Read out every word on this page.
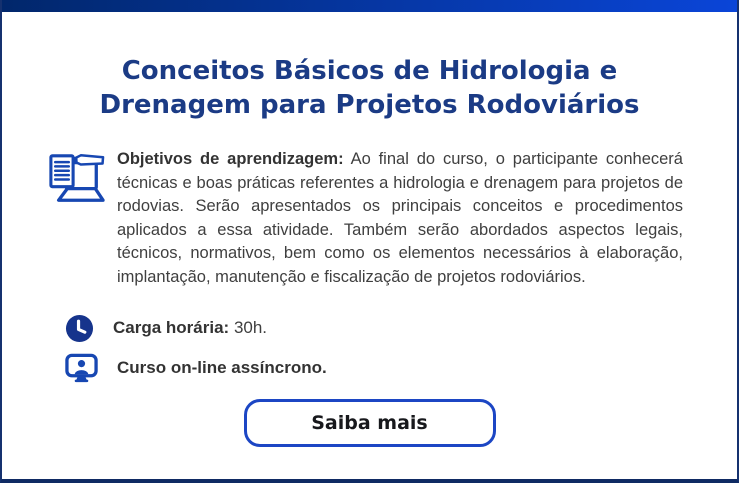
Conceitos Básicos de Hidrologia e
Drenagem para Projetos Rodoviários

Objetivos de aprendizagem: Ao final do curso, o participante conhecerá técnicas e boas práticas referentes a hidrologia e drenagem para projetos de rodovias. Serão apresentados os principais conceitos e procedimentos aplicados a essa atividade. Também serão abordados aspectos legais, técnicos, normativos, bem como os elementos necessários à elaboração, implantação, manutenção e fiscalização de projetos rodoviários.

Carga horária: 30h.
Curso on-line assíncrono.
Saiba mais
